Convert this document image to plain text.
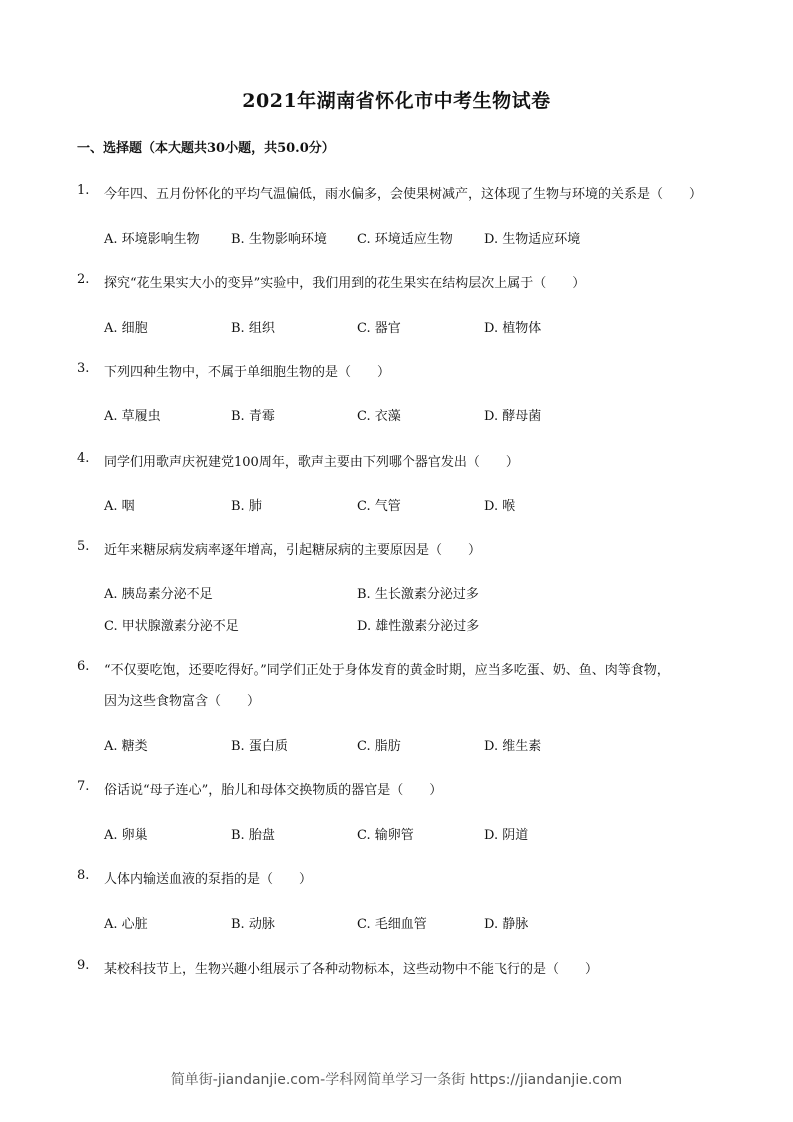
2021年湖南省怀化市中考生物试卷
一、选择题（本大题共30小题，共50.0分）
1.	今年四、五月份怀化的平均气温偏低，雨水偏多，会使果树减产，这体现了生物与环境的关系是（　　）
A. 环境影响生物 B. 生物影响环境 C. 环境适应生物 D. 生物适应环境
2.	探究“花生果实大小的变异”实验中，我们用到的花生果实在结构层次上属于（　　）
A. 细胞	B. 组织	C. 器官	D. 植物体
3.	下列四种生物中，不属于单细胞生物的是（　　）
A. 草履虫	B. 青霉	C. 衣藻	D. 酵母菌
4.	同学们用歌声庆祝建党100周年，歌声主要由下列哪个器官发出（　　）
A. 咽	B. 肺	C. 气管	D. 喉
5.	近年来糖尿病发病率逐年增高，引起糖尿病的主要原因是（　　）
A. 胰岛素分泌不足	B. 生长激素分泌过多
C. 甲状腺激素分泌不足	D. 雄性激素分泌过多
6.	“不仅要吃饱，还要吃得好。”同学们正处于身体发育的黄金时期，应当多吃蛋、奶、鱼、肉等食物，
因为这些食物富含（　　）
A. 糖类	B. 蛋白质	C. 脂肪	D. 维生素
7.	俗话说“母子连心”，胎儿和母体交换物质的器官是（　　）
A. 卵巢	B. 胎盘	C. 输卵管	D. 阴道
8.	人体内输送血液的泵指的是（　　）
A. 心脏	B. 动脉	C. 毛细血管	D. 静脉
9.	某校科技节上，生物兴趣小组展示了各种动物标本，这些动物中不能飞行的是（　　）
简单街-jiandanjie.com-学科网简单学习一条街 https://jiandanjie.com
